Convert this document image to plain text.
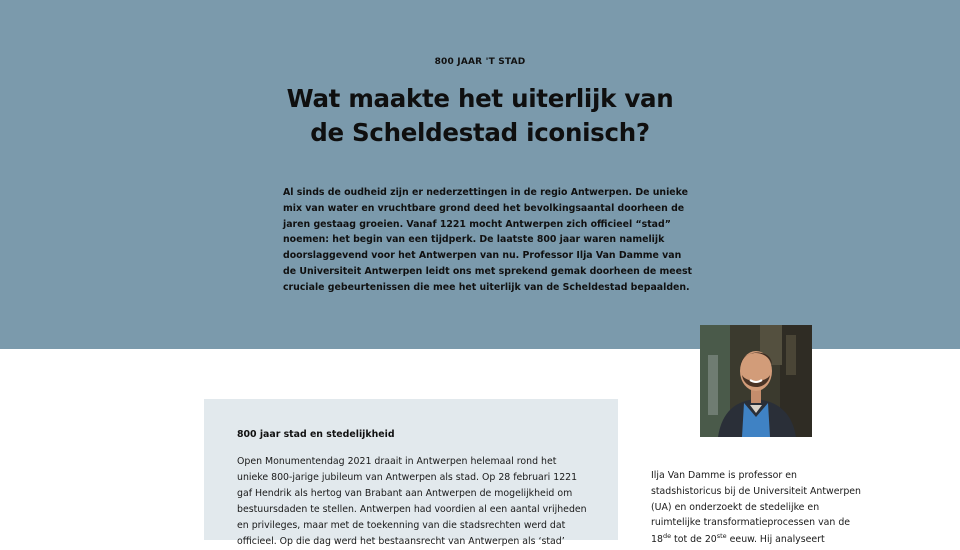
800 JAAR 'T STAD
Wat maakte het uiterlijk van de Scheldestad iconisch?

Al sinds de oudheid zijn er nederzettingen in de regio Antwerpen. De unieke mix van water en vruchtbare grond deed het bevolkingsaantal doorheen de jaren gestaag groeien. Vanaf 1221 mocht Antwerpen zich officieel “stad” noemen: het begin van een tijdperk. De laatste 800 jaar waren namelijk doorslaggevend voor het Antwerpen van nu. Professor Ilja Van Damme van de Universiteit Antwerpen leidt ons met sprekend gemak doorheen de meest cruciale gebeurtenissen die mee het uiterlijk van de Scheldestad bepaalden.

800 jaar stad en stedelijkheid

Open Monumentendag 2021 draait in Antwerpen helemaal rond het unieke 800-jarige jubileum van Antwerpen als stad. Op 28 februari 1221 gaf Hendrik als hertog van Brabant aan Antwerpen de mogelijkheid om bestuursdaden te stellen. Antwerpen had voordien al een aantal vrijheden en privileges, maar met de toekenning van die stadsrechten werd dat officieel. Op die dag werd het bestaansrecht van Antwerpen als ‘stad’

Ilja Van Damme is professor en stadshistoricus bij de Universiteit Antwerpen (UA) en onderzoekt de stedelijke en ruimtelijke transformatieprocessen van de 18de tot de 20ste eeuw. Hij analyseert
